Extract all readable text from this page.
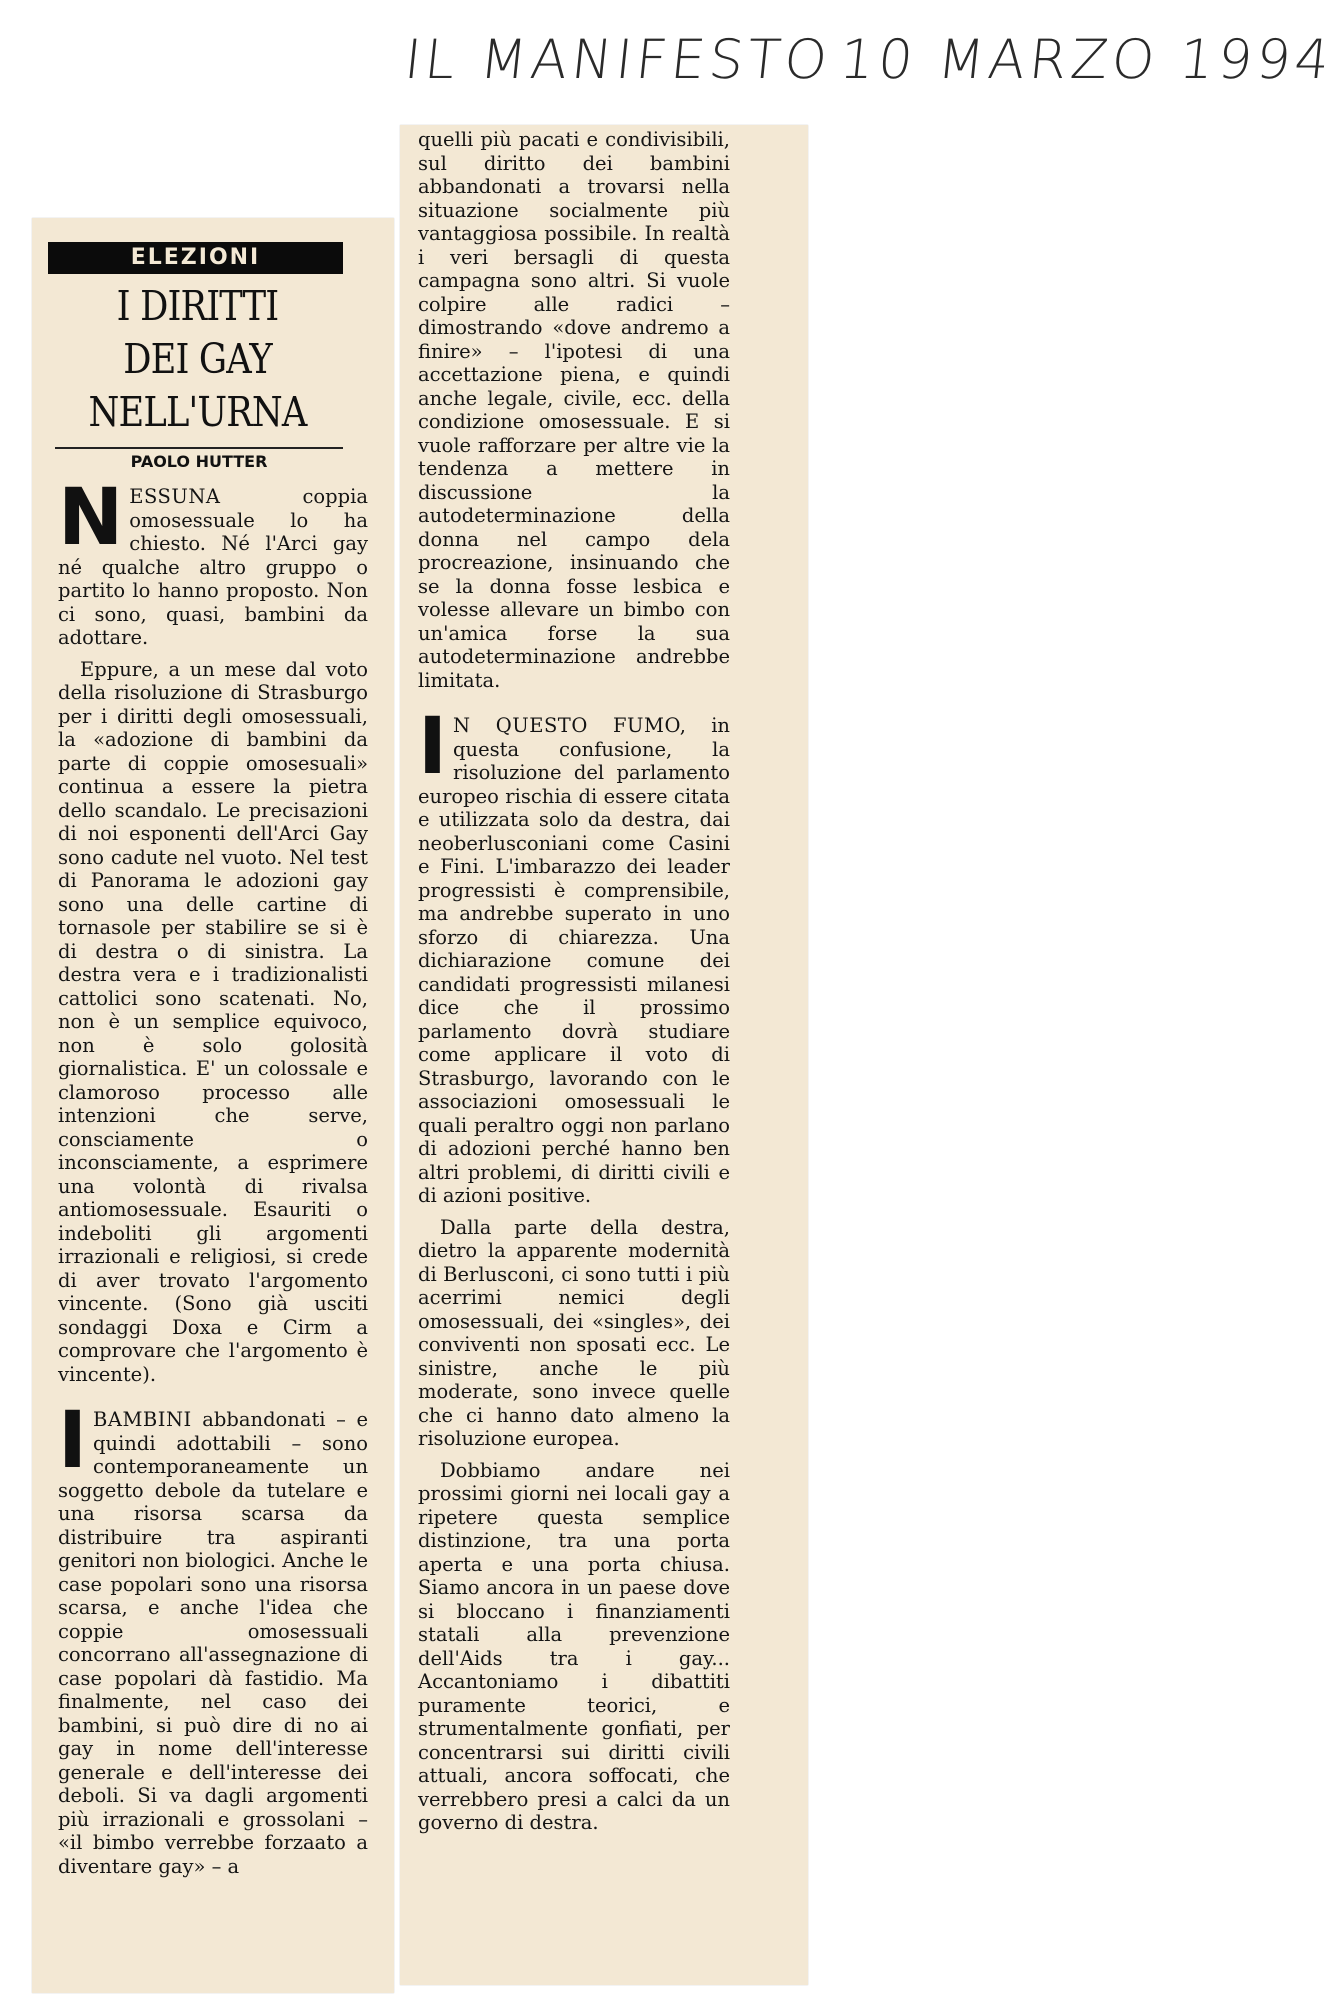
IL MANIFESTO 10 MARZO 1994
ELEZIONI
I DIRITTI
DEI GAY
NELL'URNA
PAOLO HUTTER

NESSUNA coppia omosessuale lo ha chiesto. Né l'Arci gay né qualche altro gruppo o partito lo hanno proposto. Non ci sono, quasi, bambini da adottare.

Eppure, a un mese dal voto della risoluzione di Strasburgo per i diritti degli omosessuali, la «adozione di bambini da parte di coppie omosesuali» continua a essere la pietra dello scandalo. Le precisazioni di noi esponenti dell'Arci Gay sono cadute nel vuoto. Nel test di Panorama le adozioni gay sono una delle cartine di tornasole per stabilire se si è di destra o di sinistra. La destra vera e i tradizionalisti cattolici sono scatenati. No, non è un semplice equivoco, non è solo golosità giornalistica. E' un colossale e clamoroso processo alle intenzioni che serve, consciamente o inconsciamente, a esprimere una volontà di rivalsa antiomosessuale. Esauriti o indeboliti gli argomenti irrazionali e religiosi, si crede di aver trovato l'argomento vincente. (Sono già usciti sondaggi Doxa e Cirm a comprovare che l'argomento è vincente).

IBAMBINI abbandonati – e quindi adottabili – sono contemporaneamente un soggetto debole da tutelare e una risorsa scarsa da distribuire tra aspiranti genitori non biologici. Anche le case popolari sono una risorsa scarsa, e anche l'idea che coppie omosessuali concorrano all'assegnazione di case popolari dà fastidio. Ma finalmente, nel caso dei bambini, si può dire di no ai gay in nome dell'interesse generale e dell'interesse dei deboli. Si va dagli argomenti più irrazionali e grossolani – «il bimbo verrebbe forzaato a diventare gay» – a

quelli più pacati e condivisibili, sul diritto dei bambini abbandonati a trovarsi nella situazione socialmente più vantaggiosa possibile. In realtà i veri bersagli di questa campagna sono altri. Si vuole colpire alle radici – dimostrando «dove andremo a finire» – l'ipotesi di una accettazione piena, e quindi anche legale, civile, ecc. della condizione omosessuale. E si vuole rafforzare per altre vie la tendenza a mettere in discussione la autodeterminazione della donna nel campo dela procreazione, insinuando che se la donna fosse lesbica e volesse allevare un bimbo con un'amica forse la sua autodeterminazione andrebbe limitata.

I N QUESTO FUMO, in questa confusione, la risoluzione del parlamento europeo rischia di essere citata e utilizzata solo da destra, dai neoberlusconiani come Casini e Fini. L'imbarazzo dei leader progressisti è comprensibile, ma andrebbe superato in uno sforzo di chiarezza. Una dichiarazione comune dei candidati progressisti milanesi dice che il prossimo parlamento dovrà studiare come applicare il voto di Strasburgo, lavorando con le associazioni omosessuali le quali peraltro oggi non parlano di adozioni perché hanno ben altri problemi, di diritti civili e di azioni positive.

Dalla parte della destra, dietro la apparente modernità di Berlusconi, ci sono tutti i più acerrimi nemici degli omosessuali, dei «singles», dei conviventi non sposati ecc. Le sinistre, anche le più moderate, sono invece quelle che ci hanno dato almeno la risoluzione europea.

Dobbiamo andare nei prossimi giorni nei locali gay a ripetere questa semplice distinzione, tra una porta aperta e una porta chiusa. Siamo ancora in un paese dove si bloccano i finanziamenti statali alla prevenzione dell'Aids tra i gay... Accantoniamo i dibattiti puramente teorici, e strumentalmente gonfiati, per concentrarsi sui diritti civili attuali, ancora soffocati, che verrebbero presi a calci da un governo di destra.
